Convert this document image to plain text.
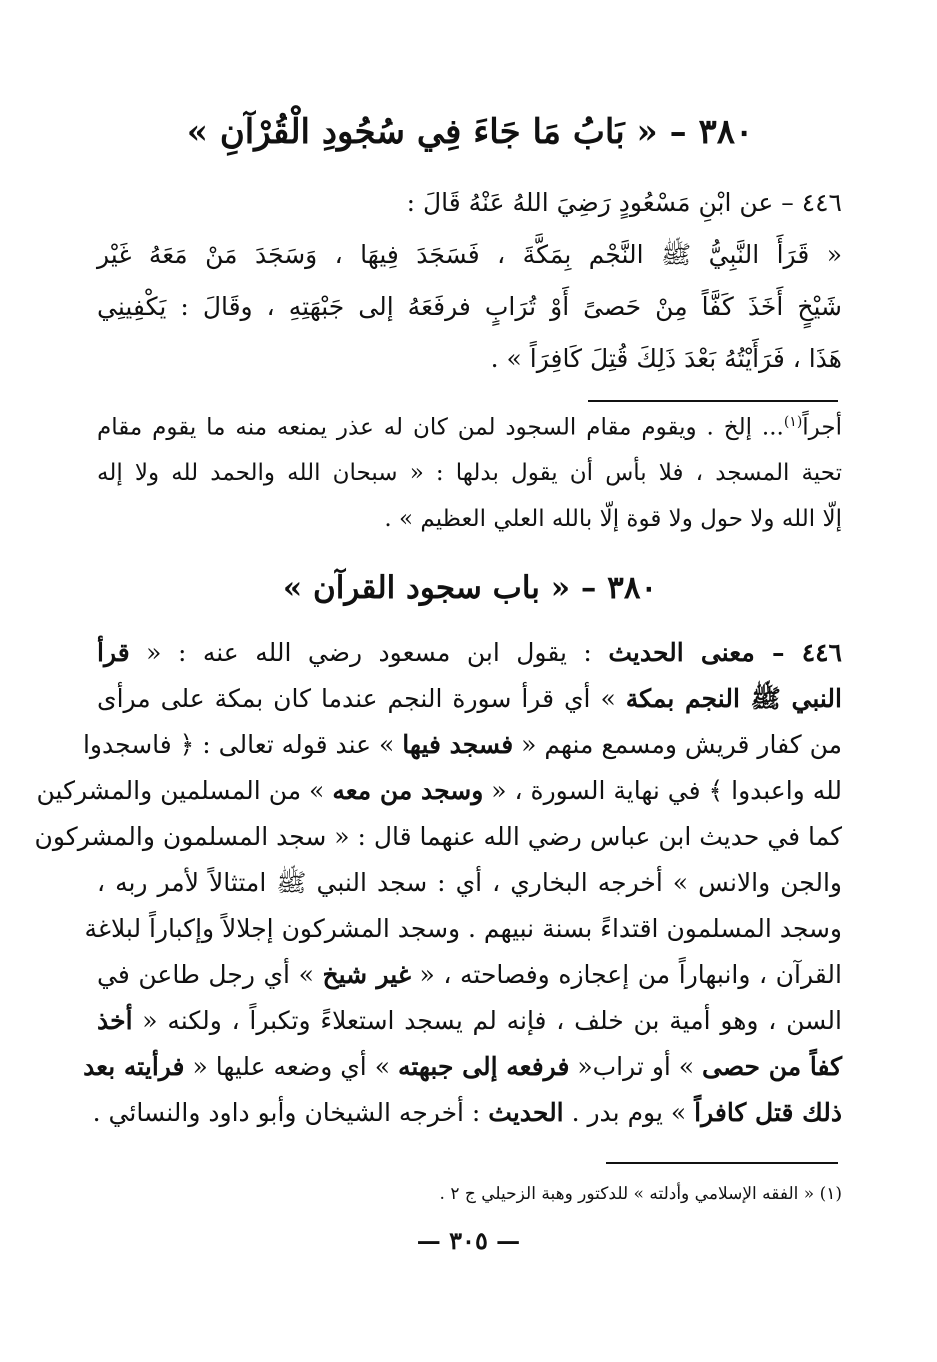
٣٨٠ – « بَابُ مَا جَاءَ فِي سُجُودِ الْقُرْآنِ »
٤٤٦ – عن ابْنِ مَسْعُودٍ رَضِيَ اللهُ عَنْهُ قَالَ :
« قَرَأَ النَّبِيُّ ﷺ النَّجْم بِمَكَّةَ ، فَسَجَدَ فِيهَا ، وَسَجَدَ مَنْ مَعَهُ غَيْر
شَيْخٍ أَخَذَ كَفَّاً مِنْ حَصىً أَوْ تُرَابٍ فرفَعَهُ إلى جَبْهَتِهِ ، وقَالَ : يَكْفِينِي
هَذَا ، فَرَأَيْتُهُ بَعْدَ ذَلِكَ قُتِلَ كَافِرَاً » .
أجراً$^{(١)}$... إلخ . ويقوم مقام السجود لمن كان له عذر يمنعه منه ما يقوم مقام
تحية المسجد ، فلا بأس أن يقول بدلها : « سبحان الله والحمد لله ولا إله
إلّا الله ولا حول ولا قوة إلّا بالله العلي العظيم » .
٣٨٠ – « باب سجود القرآن »
٤٤٦ – معنى الحديث : يقول ابن مسعود رضي الله عنه : « قرأ
النبي ﷺ النجم بمكة » أي قرأ سورة النجم عندما كان بمكة على مرأى
من كفار قريش ومسمع منهم « فسجد فيها » عند قوله تعالى : ﴿ فاسجدوا
لله واعبدوا ﴾ في نهاية السورة ، « وسجد من معه » من المسلمين والمشركين
كما في حديث ابن عباس رضي الله عنهما قال : « سجد المسلمون والمشركون
والجن والانس » أخرجه البخاري ، أي : سجد النبي ﷺ امتثالاً لأمر ربه ،
وسجد المسلمون اقتداءً بسنة نبيهم . وسجد المشركون إجلالاً وإكباراً لبلاغة
القرآن ، وانبهاراً من إعجازه وفصاحته ، « غير شيخ » أي رجل طاعن في
السن ، وهو أمية بن خلف ، فإنه لم يسجد استعلاءً وتكبراً ، ولكنه « أخذ
كفاً من حصى » أو تراب« فرفعه إلى جبهته » أي وضعه عليها « فرأيته بعد
ذلك قتل كافراً » يوم بدر . الحديث : أخرجه الشيخان وأبو داود والنسائي .
(١) « الفقه الإسلامي وأدلته » للدكتور وهبة الزحيلي ج ٢ .
— ٣٠٥ —
